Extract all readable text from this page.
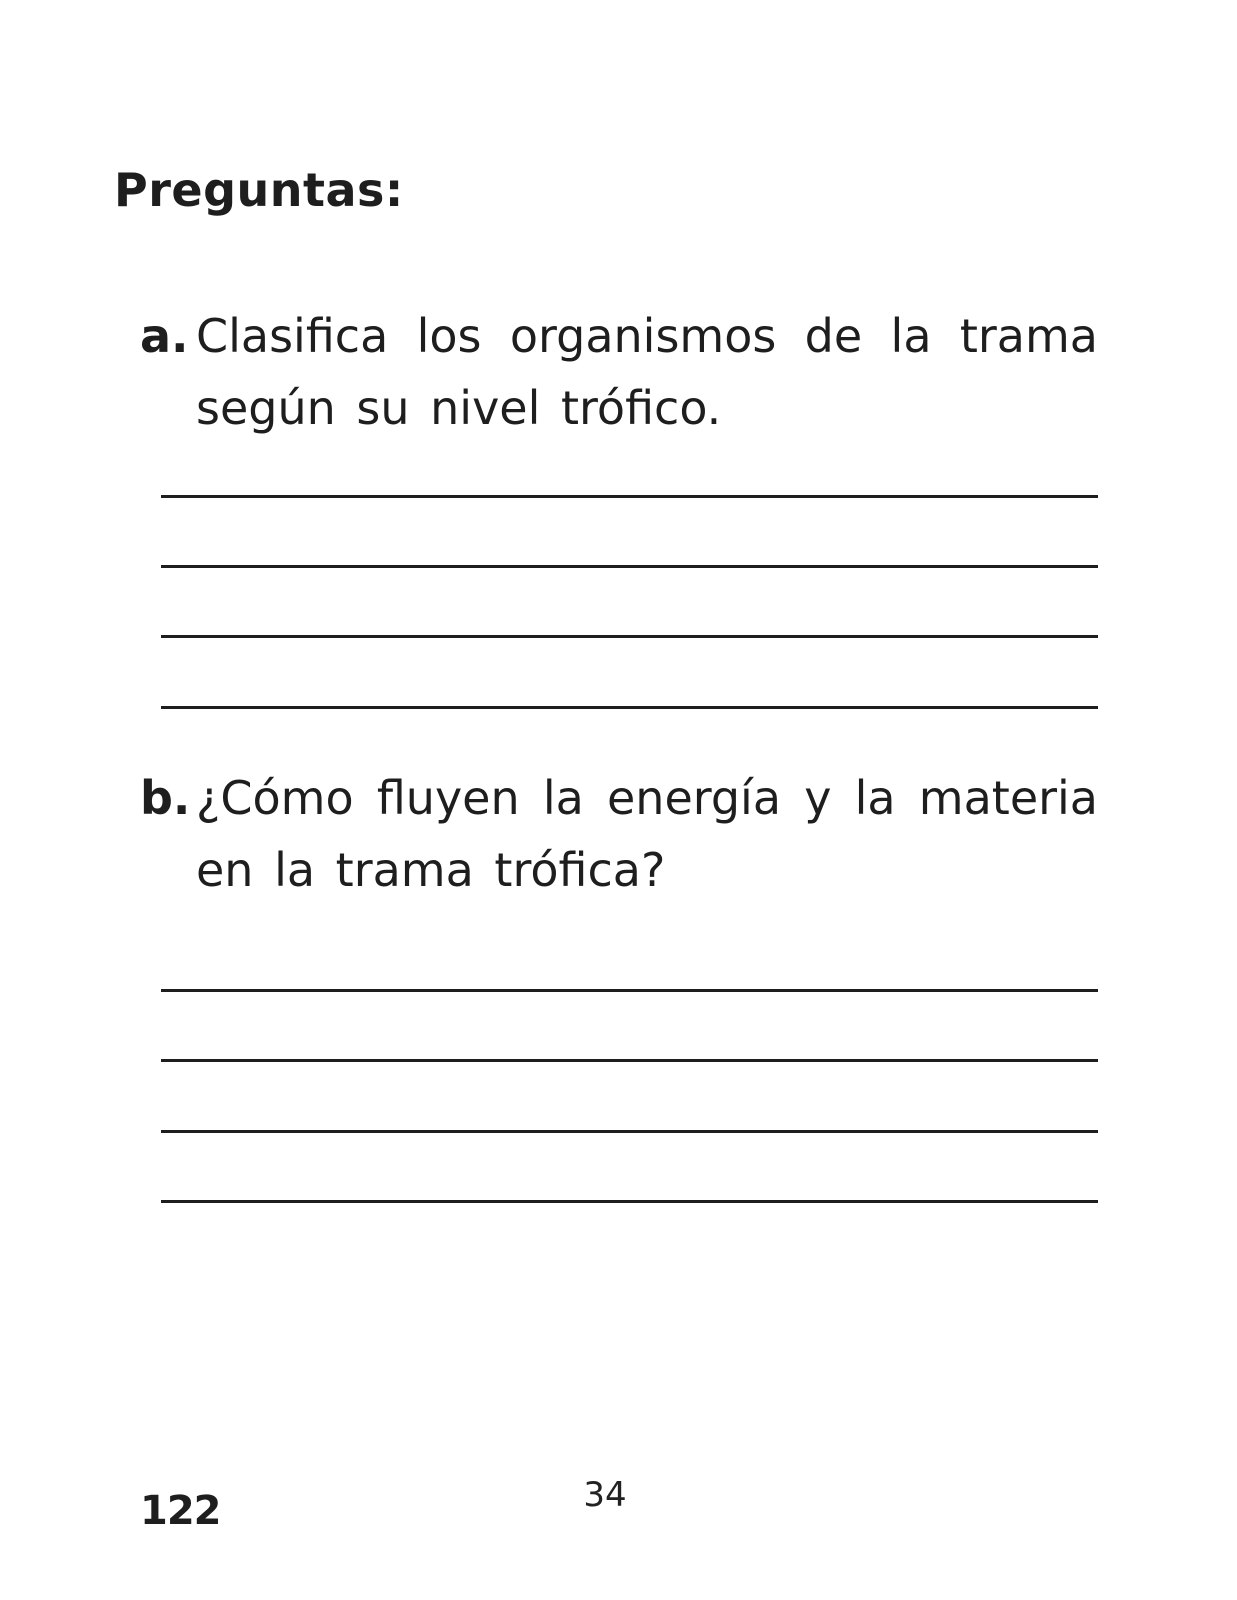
Preguntas:
a. Clasifica los organismos de la trama según su nivel trófico.
b. ¿Cómo fluyen la energía y la materia en la trama trófica?
122	34
